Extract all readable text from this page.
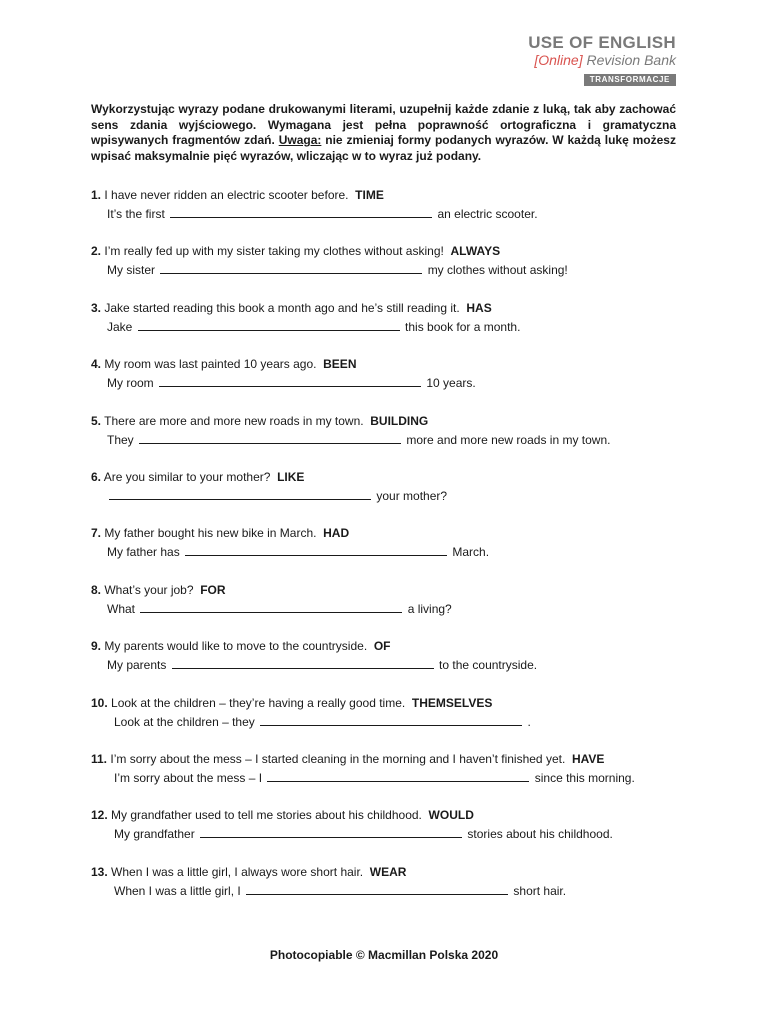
USE OF ENGLISH
[Online] Revision Bank
TRANSFORMACJE
Wykorzystując wyrazy podane drukowanymi literami, uzupełnij każde zdanie z luką, tak aby zachować sens zdania wyjściowego. Wymagana jest pełna poprawność ortograficzna i gramatyczna wpisywanych fragmentów zdań. Uwaga: nie zmieniaj formy podanych wyrazów. W każdą lukę możesz wpisać maksymalnie pięć wyrazów, wliczając w to wyraz już podany.
1. I have never ridden an electric scooter before. TIME
It’s the first	an electric scooter.
2. I’m really fed up with my sister taking my clothes without asking! ALWAYS
My sister	my clothes without asking!
3. Jake started reading this book a month ago and he’s still reading it. HAS
Jake	this book for a month.
4. My room was last painted 10 years ago. BEEN
My room	10 years.
5. There are more and more new roads in my town. BUILDING
They	more and more new roads in my town.
6. Are you similar to your mother? LIKE
your mother?
7. My father bought his new bike in March. HAD
My father has	March.
8. What’s your job? FOR
What	a living?
9. My parents would like to move to the countryside. OF
My parents	to the countryside.
10. Look at the children – they’re having a really good time. THEMSELVES
Look at the children – they	.
11. I’m sorry about the mess – I started cleaning in the morning and I haven’t finished yet. HAVE
I’m sorry about the mess – I	since this morning.
12. My grandfather used to tell me stories about his childhood. WOULD
My grandfather	stories about his childhood.
13. When I was a little girl, I always wore short hair. WEAR
When I was a little girl, I	short hair.
Photocopiable © Macmillan Polska 2020
